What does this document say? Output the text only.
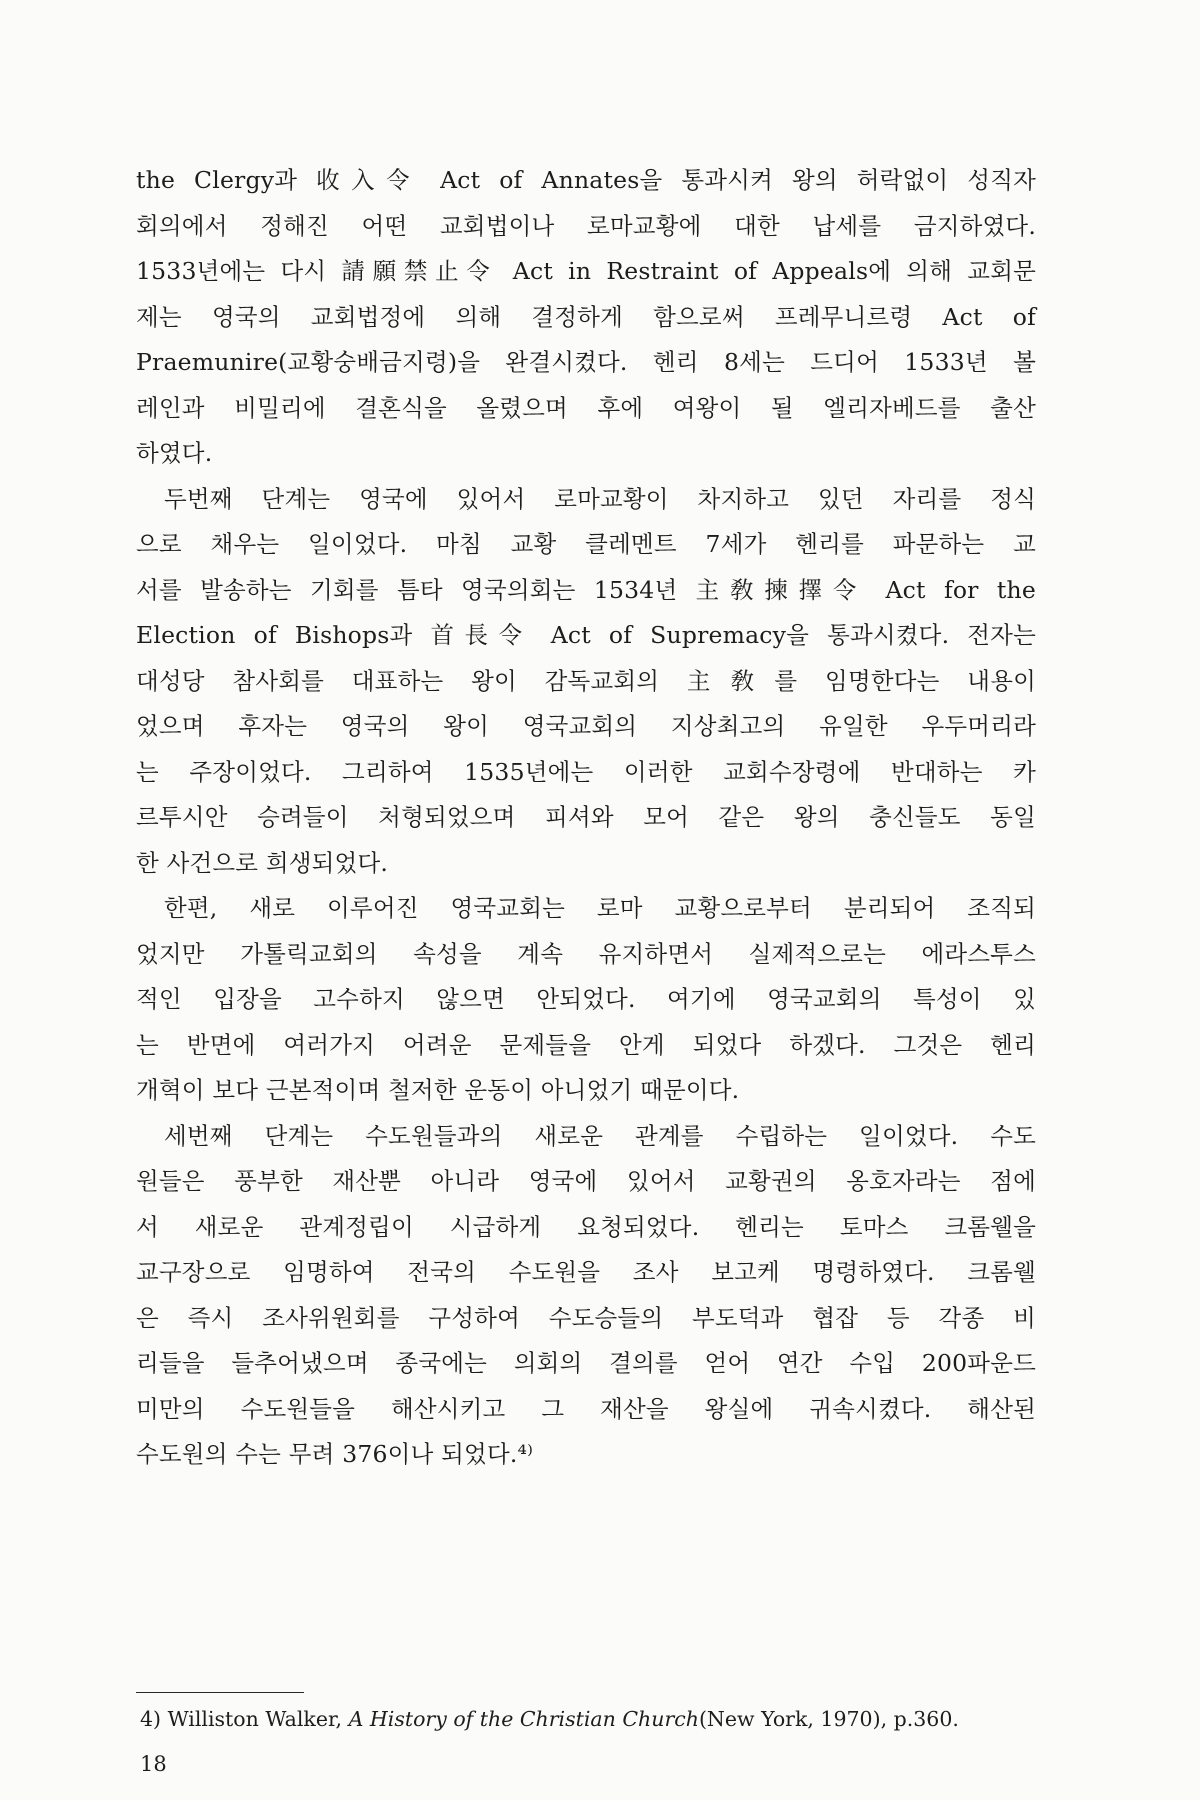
the Clergy과 收入令 Act of Annates을 통과시켜 왕의 허락없이 성직자
회의에서 정해진 어떤 교회법이나 로마교황에 대한 납세를 금지하였다.
1533년에는 다시 請願禁止令 Act in Restraint of Appeals에 의해 교회문
제는 영국의 교회법정에 의해 결정하게 함으로써 프레무니르령 Act of
Praemunire(교황숭배금지령)을 완결시켰다. 헨리 8세는 드디어 1533년 볼
레인과 비밀리에 결혼식을 올렸으며 후에 여왕이 될 엘리자베드를 출산
하였다.
두번째 단계는 영국에 있어서 로마교황이 차지하고 있던 자리를 정식
으로 채우는 일이었다. 마침 교황 클레멘트 7세가 헨리를 파문하는 교
서를 발송하는 기회를 틈타 영국의회는 1534년 主敎揀擇令 Act for the
Election of Bishops과 首長令 Act of Supremacy을 통과시켰다. 전자는
대성당 참사회를 대표하는 왕이 감독교회의 主敎를 임명한다는 내용이
었으며 후자는 영국의 왕이 영국교회의 지상최고의 유일한 우두머리라
는 주장이었다. 그리하여 1535년에는 이러한 교회수장령에 반대하는 카
르투시안 승려들이 처형되었으며 피셔와 모어 같은 왕의 충신들도 동일
한 사건으로 희생되었다.
한편, 새로 이루어진 영국교회는 로마 교황으로부터 분리되어 조직되
었지만 가톨릭교회의 속성을 계속 유지하면서 실제적으로는 에라스투스
적인 입장을 고수하지 않으면 안되었다. 여기에 영국교회의 특성이 있
는 반면에 여러가지 어려운 문제들을 안게 되었다 하겠다. 그것은 헨리
개혁이 보다 근본적이며 철저한 운동이 아니었기 때문이다.
세번째 단계는 수도원들과의 새로운 관계를 수립하는 일이었다. 수도
원들은 풍부한 재산뿐 아니라 영국에 있어서 교황권의 옹호자라는 점에
서 새로운 관계정립이 시급하게 요청되었다. 헨리는 토마스 크롬웰을
교구장으로 임명하여 전국의 수도원을 조사 보고케 명령하였다. 크롬웰
은 즉시 조사위원회를 구성하여 수도승들의 부도덕과 협잡 등 각종 비
리들을 들추어냈으며 종국에는 의회의 결의를 얻어 연간 수입 200파운드
미만의 수도원들을 해산시키고 그 재산을 왕실에 귀속시켰다. 해산된
수도원의 수는 무려 376이나 되었다.⁴⁾
4) Williston Walker, A History of the Christian Church(New York, 1970), p.360.
18
